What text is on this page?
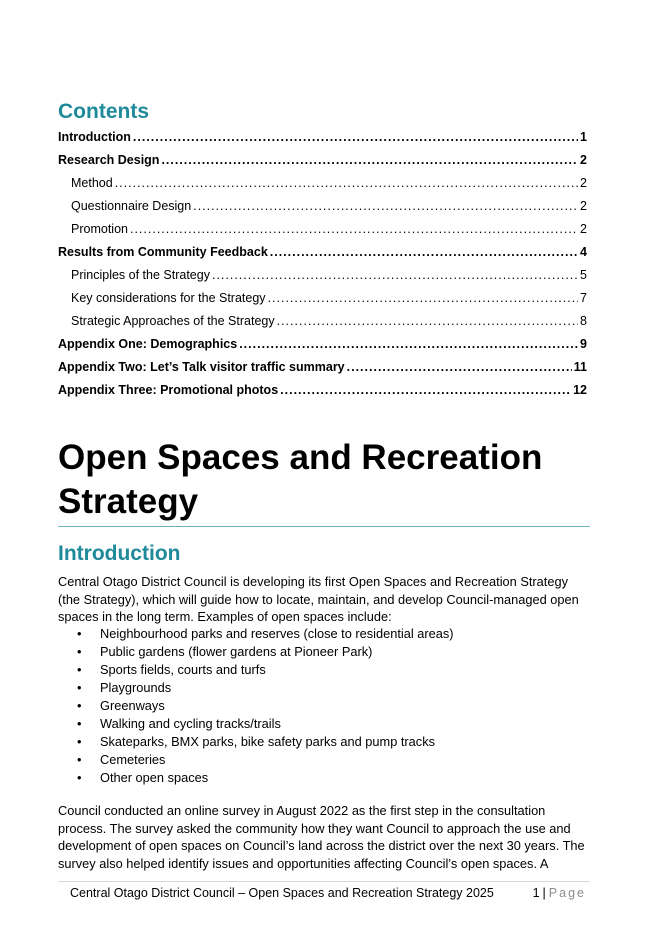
Contents
Introduction .....	1
Research Design .....	2
Method .....	2
Questionnaire Design .....	2
Promotion .....	2
Results from Community Feedback .....	4
Principles of the Strategy .....	5
Key considerations for the Strategy .....	7
Strategic Approaches of the Strategy .....	8
Appendix One: Demographics .....	9
Appendix Two: Let’s Talk visitor traffic summary .....	11
Appendix Three: Promotional photos .....	12
Open Spaces and Recreation
Strategy
Introduction

Central Otago District Council is developing its first Open Spaces and Recreation Strategy (the Strategy), which will guide how to locate, maintain, and develop Council-managed open spaces in the long term. Examples of open spaces include:

• Neighbourhood parks and reserves (close to residential areas)
• Public gardens (flower gardens at Pioneer Park)
• Sports fields, courts and turfs
• Playgrounds
• Greenways
• Walking and cycling tracks/trails
• Skateparks, BMX parks, bike safety parks and pump tracks
• Cemeteries
• Other open spaces

Council conducted an online survey in August 2022 as the first step in the consultation process. The survey asked the community how they want Council to approach the use and development of open spaces on Council’s land across the district over the next 30 years. The survey also helped identify issues and opportunities affecting Council’s open spaces. A

Central Otago District Council – Open Spaces and Recreation Strategy 2025	1 | Page
